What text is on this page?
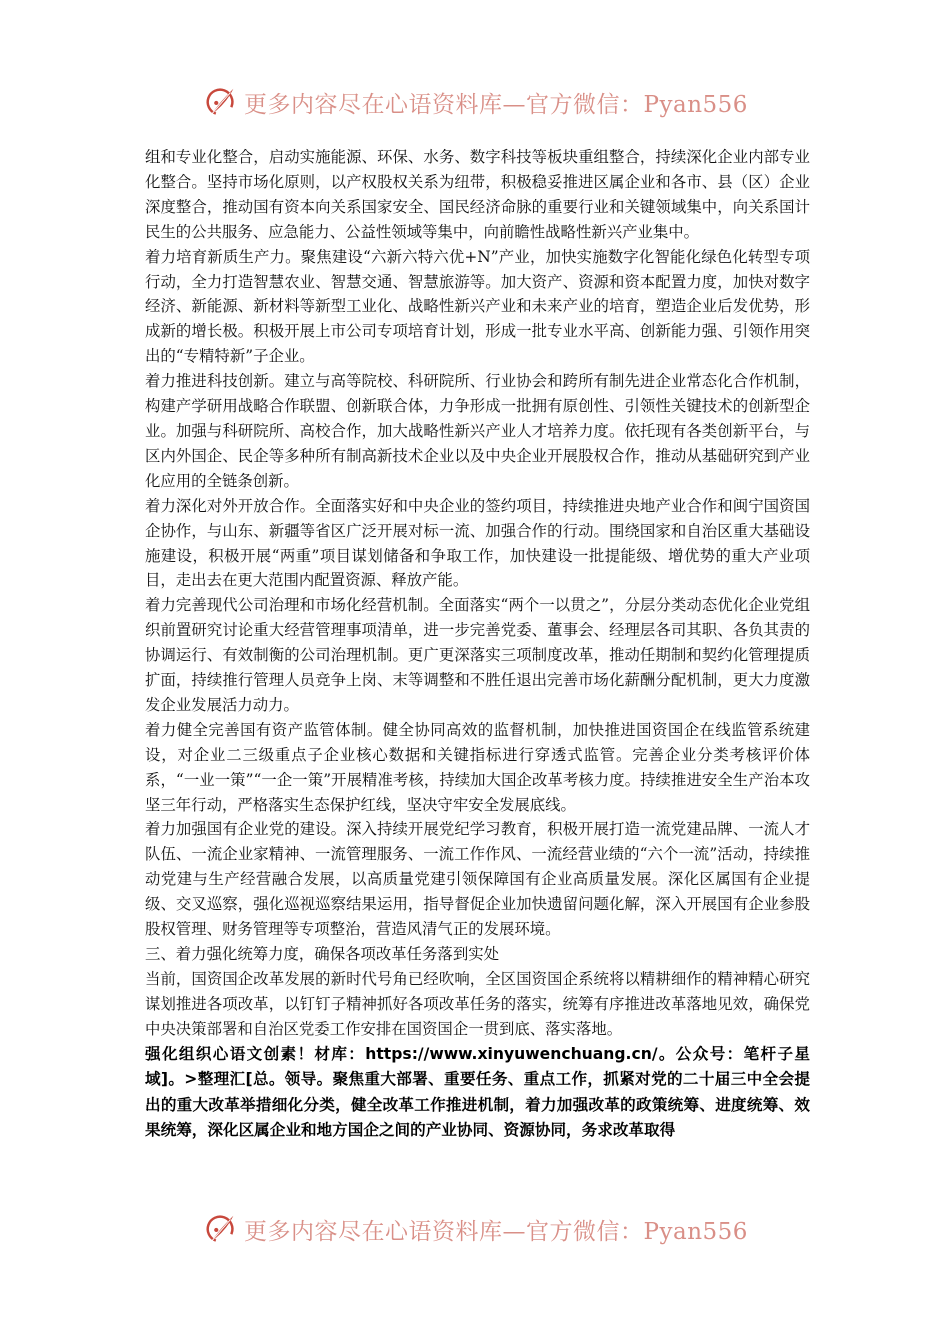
更多内容尽在心语资料库—官方微信：Pyan556

组和专业化整合，启动实施能源、环保、水务、数字科技等板块重组整合，持续深化企业内部专业化整合。坚持市场化原则，以产权股权关系为纽带，积极稳妥推进区属企业和各市、县（区）企业深度整合，推动国有资本向关系国家安全、国民经济命脉的重要行业和关键领域集中，向关系国计民生的公共服务、应急能力、公益性领域等集中，向前瞻性战略性新兴产业集中。

着力培育新质生产力。聚焦建设“六新六特六优+N”产业，加快实施数字化智能化绿色化转型专项行动，全力打造智慧农业、智慧交通、智慧旅游等。加大资产、资源和资本配置力度，加快对数字经济、新能源、新材料等新型工业化、战略性新兴产业和未来产业的培育，塑造企业后发优势，形成新的增长极。积极开展上市公司专项培育计划，形成一批专业水平高、创新能力强、引领作用突出的“专精特新”子企业。

着力推进科技创新。建立与高等院校、科研院所、行业协会和跨所有制先进企业常态化合作机制，构建产学研用战略合作联盟、创新联合体，力争形成一批拥有原创性、引领性关键技术的创新型企业。加强与科研院所、高校合作，加大战略性新兴产业人才培养力度。依托现有各类创新平台，与区内外国企、民企等多种所有制高新技术企业以及中央企业开展股权合作，推动从基础研究到产业化应用的全链条创新。

着力深化对外开放合作。全面落实好和中央企业的签约项目，持续推进央地产业合作和闽宁国资国企协作，与山东、新疆等省区广泛开展对标一流、加强合作的行动。围绕国家和自治区重大基础设施建设，积极开展“两重”项目谋划储备和争取工作，加快建设一批提能级、增优势的重大产业项目，走出去在更大范围内配置资源、释放产能。

着力完善现代公司治理和市场化经营机制。全面落实“两个一以贯之”，分层分类动态优化企业党组织前置研究讨论重大经营管理事项清单，进一步完善党委、董事会、经理层各司其职、各负其责的协调运行、有效制衡的公司治理机制。更广更深落实三项制度改革，推动任期制和契约化管理提质扩面，持续推行管理人员竞争上岗、末等调整和不胜任退出完善市场化薪酬分配机制，更大力度激发企业发展活力动力。

着力健全完善国有资产监管体制。健全协同高效的监督机制，加快推进国资国企在线监管系统建设，对企业二三级重点子企业核心数据和关键指标进行穿透式监管。完善企业分类考核评价体系，“一业一策”“一企一策”开展精准考核，持续加大国企改革考核力度。持续推进安全生产治本攻坚三年行动，严格落实生态保护红线，坚决守牢安全发展底线。

着力加强国有企业党的建设。深入持续开展党纪学习教育，积极开展打造一流党建品牌、一流人才队伍、一流企业家精神、一流管理服务、一流工作作风、一流经营业绩的“六个一流”活动，持续推动党建与生产经营融合发展，以高质量党建引领保障国有企业高质量发展。深化区属国有企业提级、交叉巡察，强化巡视巡察结果运用，指导督促企业加快遗留问题化解，深入开展国有企业参股股权管理、财务管理等专项整治，营造风清气正的发展环境。

三、着力强化统筹力度，确保各项改革任务落到实处

当前，国资国企改革发展的新时代号角已经吹响，全区国资国企系统将以精耕细作的精神精心研究谋划推进各项改革，以钉钉子精神抓好各项改革任务的落实，统筹有序推进改革落地见效，确保党中央决策部署和自治区党委工作安排在国资国企一贯到底、落实落地。

强化组织心语文创素！材库：https://www.xinyuwenchuang.cn/。公众号：笔杆子星域]。>整理汇[总。领导。聚焦重大部署、重要任务、重点工作，抓紧对党的二十届三中全会提出的重大改革举措细化分类，健全改革工作推进机制，着力加强改革的政策统筹、进度统筹、效果统筹，深化区属企业和地方国企之间的产业协同、资源协同，务求改革取得

更多内容尽在心语资料库—官方微信：Pyan556
